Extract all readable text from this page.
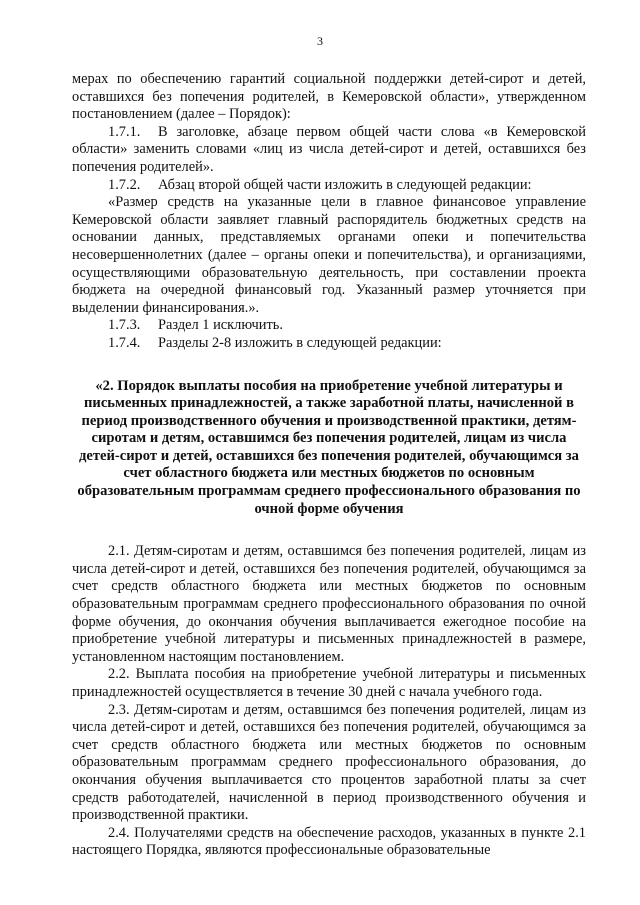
3

мерах по обеспечению гарантий социальной поддержки детей-сирот и детей, оставшихся без попечения родителей, в Кемеровской области», утвержденном постановлением (далее – Порядок):

1.7.1. В заголовке, абзаце первом общей части слова «в Кемеровской области» заменить словами «лиц из числа детей-сирот и детей, оставшихся без попечения родителей».

1.7.2. Абзац второй общей части изложить в следующей редакции:

«Размер средств на указанные цели в главное финансовое управление Кемеровской области заявляет главный распорядитель бюджетных средств на основании данных, представляемых органами опеки и попечительства несовершеннолетних (далее – органы опеки и попечительства), и организациями, осуществляющими образовательную деятельность, при составлении проекта бюджета на очередной финансовый год. Указанный размер уточняется при выделении финансирования.».

1.7.3. Раздел 1 исключить.

1.7.4. Разделы 2-8 изложить в следующей редакции:

«2. Порядок выплаты пособия на приобретение учебной литературы и письменных принадлежностей, а также заработной платы, начисленной в период производственного обучения и производственной практики, детям-сиротам и детям, оставшимся без попечения родителей, лицам из числа детей-сирот и детей, оставшихся без попечения родителей, обучающимся за счет областного бюджета или местных бюджетов по основным образовательным программам среднего профессионального образования по очной форме обучения

2.1. Детям-сиротам и детям, оставшимся без попечения родителей, лицам из числа детей-сирот и детей, оставшихся без попечения родителей, обучающимся за счет средств областного бюджета или местных бюджетов по основным образовательным программам среднего профессионального образования по очной форме обучения, до окончания обучения выплачивается ежегодное пособие на приобретение учебной литературы и письменных принадлежностей в размере, установленном настоящим постановлением.

2.2. Выплата пособия на приобретение учебной литературы и письменных принадлежностей осуществляется в течение 30 дней с начала учебного года.

2.3. Детям-сиротам и детям, оставшимся без попечения родителей, лицам из числа детей-сирот и детей, оставшихся без попечения родителей, обучающимся за счет средств областного бюджета или местных бюджетов по основным образовательным программам среднего профессионального образования, до окончания обучения выплачивается сто процентов заработной платы за счет средств работодателей, начисленной в период производственного обучения и производственной практики.

2.4. Получателями средств на обеспечение расходов, указанных в пункте 2.1 настоящего Порядка, являются профессиональные образовательные
